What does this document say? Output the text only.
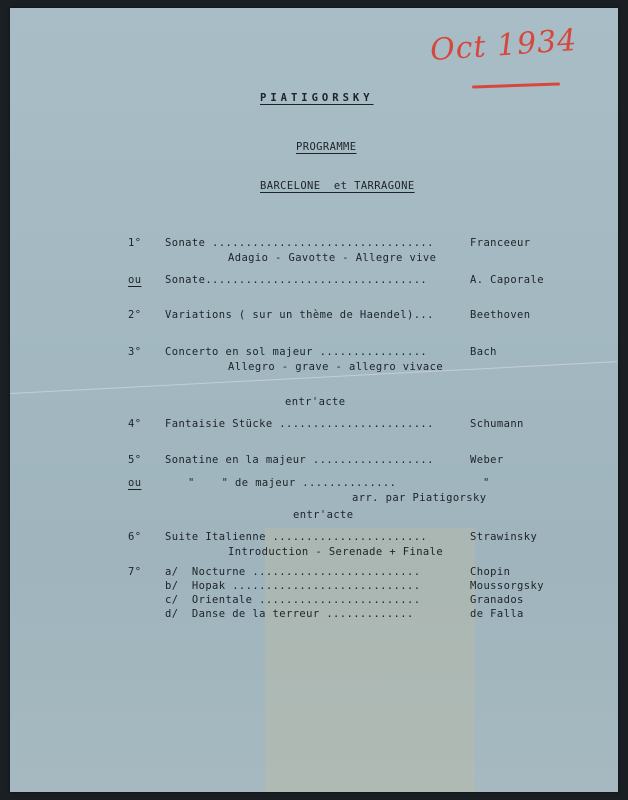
Oct 1934
PIATIGORSKY
PROGRAMME
BARCELONE  et TARRAGONE
1° Sonate .................................	Franceeur
Adagio - Gavotte - Allegre vive
ou Sonate.................................	A. Caporale
2° Variations ( sur un thème de Haendel)...	Beethoven
3° Concerto en sol majeur ................	Bach
Allegro - grave - allegro vivace
entr'acte
4° Fantaisie Stücke .......................	Schumann
5° Sonatine en la majeur ..................	Weber
ou	"    " de majeur ..............	"
arr. par Piatigorsky
entr'acte
6° Suite Italienne .......................	Strawinsky
Introduction - Serenade + Finale
7° a/  Nocturne .........................	Chopin
b/  Hopak ............................	Moussorgsky
c/  Orientale ........................	Granados
d/  Danse de la terreur .............	de Falla
